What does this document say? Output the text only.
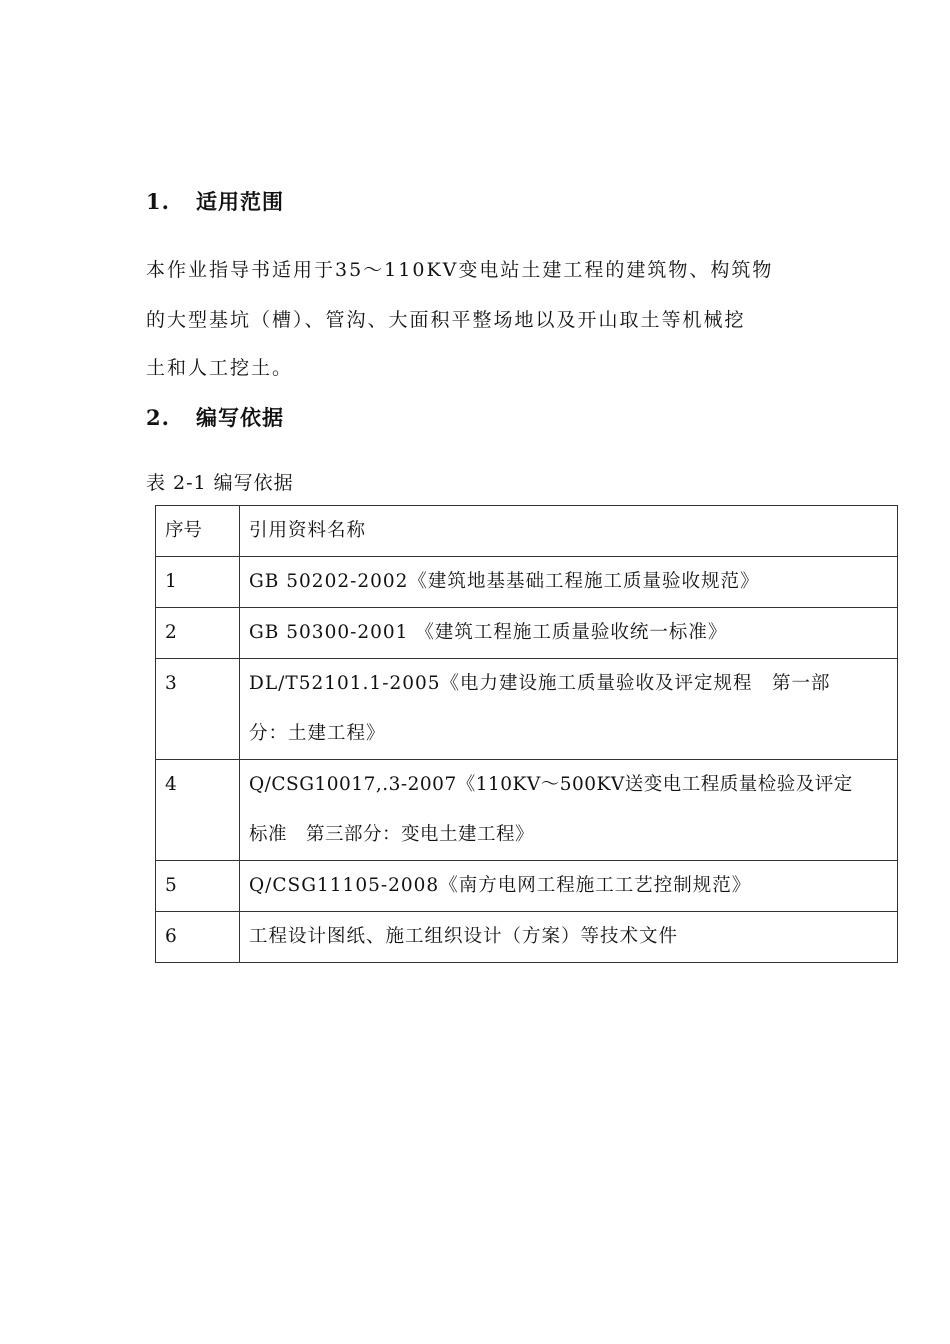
1. 适用范围
本作业指导书适用于35～110KV变电站土建工程的建筑物、构筑物
的大型基坑（槽）、管沟、大面积平整场地以及开山取土等机械挖
土和人工挖土。
2. 编写依据
表 2-1 编写依据
序号	引用资料名称
1	GB 50202-2002《建筑地基基础工程施工质量验收规范》

2	GB 50300-2001 《建筑工程施工质量验收统一标准》

3	DL/T52101.1-2005《电力建设施工质量验收及评定规程　第一部
分：土建工程》

4	Q/CSG10017,.3-2007《110KV～500KV送变电工程质量检验及评定
标准　第三部分：变电土建工程》

5	Q/CSG11105-2008《南方电网工程施工工艺控制规范》

6	工程设计图纸、施工组织设计（方案）等技术文件
